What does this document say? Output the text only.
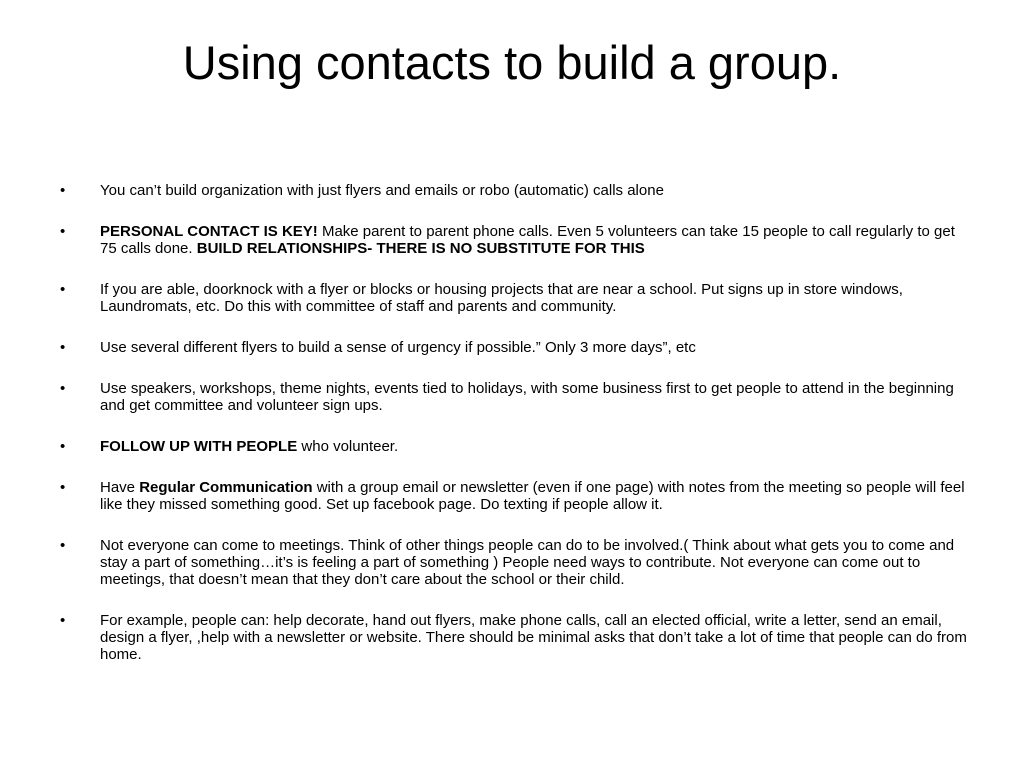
Using contacts to build a group.
•	You can’t build organization with just flyers and emails or robo (automatic) calls alone
•	PERSONAL CONTACT IS KEY! Make parent to parent phone calls. Even 5 volunteers can take 15 people to call regularly to get 75 calls done. BUILD RELATIONSHIPS- THERE IS NO SUBSTITUTE FOR THIS
•	If you are able, doorknock with a flyer or blocks or housing projects that are near a school. Put signs up in store windows, Laundromats, etc. Do this with committee of staff and parents and community.
•	Use several different flyers to build a sense of urgency if possible.” Only 3 more days”, etc
•	Use speakers, workshops, theme nights, events tied to holidays, with some business first to get people to attend in the beginning and get committee and volunteer sign ups.
•	FOLLOW UP WITH PEOPLE who volunteer.
•	Have Regular Communication with a group email or newsletter (even if one page) with notes from the meeting so people will feel like they missed something good. Set up facebook page. Do texting if people allow it.
•	Not everyone can come to meetings. Think of other things people can do to be involved.( Think about what gets you to come and stay a part of something…it’s is feeling a part of something ) People need ways to contribute. Not everyone can come out to meetings, that doesn’t mean that they don’t care about the school or their child.
•	For example, people can: help decorate, hand out flyers, make phone calls, call an elected official, write a letter, send an email, design a flyer, ,help with a newsletter or website. There should be minimal asks that don’t take a lot of time that people can do from home.
